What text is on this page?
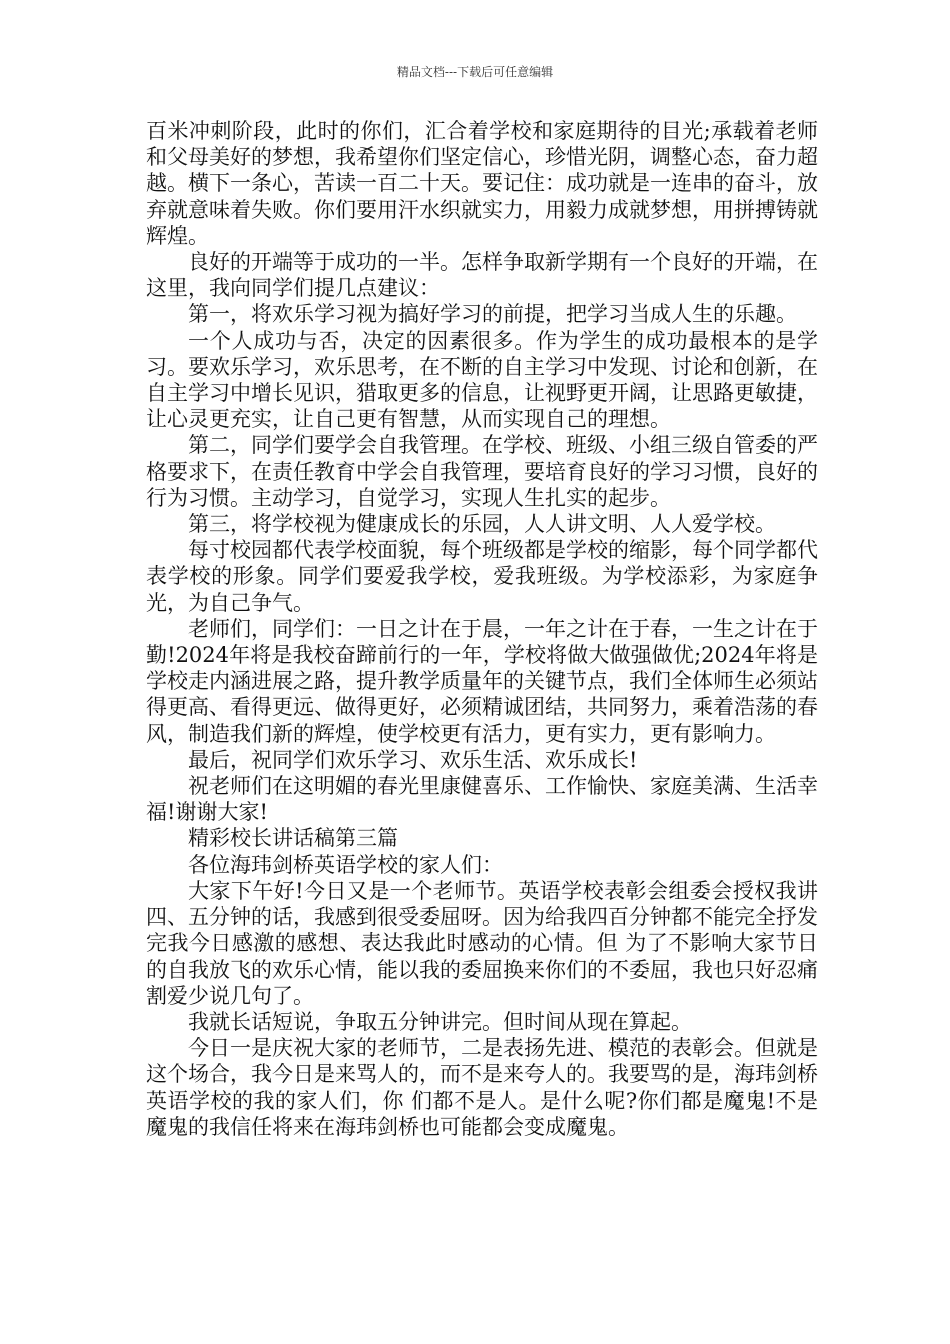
精品文档---下载后可任意编辑

百米冲刺阶段，此时的你们，汇合着学校和家庭期待的目光;承载着老师和父母美好的梦想，我希望你们坚定信心，珍惜光阴，调整心态，奋力超越。横下一条心，苦读一百二十天。要记住：成功就是一连串的奋斗，放弃就意味着失败。你们要用汗水织就实力，用毅力成就梦想，用拼搏铸就辉煌。

良好的开端等于成功的一半。怎样争取新学期有一个良好的开端，在这里，我向同学们提几点建议：

第一，将欢乐学习视为搞好学习的前提，把学习当成人生的乐趣。

一个人成功与否，决定的因素很多。作为学生的成功最根本的是学习。要欢乐学习，欢乐思考，在不断的自主学习中发现、讨论和创新，在自主学习中增长见识，猎取更多的信息，让视野更开阔，让思路更敏捷，让心灵更充实，让自己更有智慧，从而实现自己的理想。

第二，同学们要学会自我管理。在学校、班级、小组三级自管委的严格要求下，在责任教育中学会自我管理，要培育良好的学习习惯，良好的行为习惯。主动学习，自觉学习，实现人生扎实的起步。

第三，将学校视为健康成长的乐园，人人讲文明、人人爱学校。

每寸校园都代表学校面貌，每个班级都是学校的缩影，每个同学都代表学校的形象。同学们要爱我学校，爱我班级。为学校添彩，为家庭争光，为自己争气。

老师们，同学们：一日之计在于晨，一年之计在于春，一生之计在于勤!2024年将是我校奋蹄前行的一年，学校将做大做强做优;2024年将是学校走内涵进展之路，提升教学质量年的关键节点，我们全体师生必须站得更高、看得更远、做得更好，必须精诚团结，共同努力，乘着浩荡的春风，制造我们新的辉煌，使学校更有活力，更有实力，更有影响力。

最后，祝同学们欢乐学习、欢乐生活、欢乐成长!

祝老师们在这明媚的春光里康健喜乐、工作愉快、家庭美满、生活幸福!谢谢大家!

精彩校长讲话稿第三篇

各位海玮剑桥英语学校的家人们：

大家下午好!今日又是一个老师节。英语学校表彰会组委会授权我讲四、五分钟的话，我感到很受委屈呀。因为给我四百分钟都不能完全抒发完我今日感激的感想、表达我此时感动的心情。但 为了不影响大家节日的自我放飞的欢乐心情，能以我的委屈换来你们的不委屈，我也只好忍痛割爱少说几句了。

我就长话短说，争取五分钟讲完。但时间从现在算起。

今日一是庆祝大家的老师节，二是表扬先进、模范的表彰会。但就是这个场合，我今日是来骂人的，而不是来夸人的。我要骂的是，海玮剑桥英语学校的我的家人们，你 们都不是人。是什么呢?你们都是魔鬼!不是魔鬼的我信任将来在海玮剑桥也可能都会变成魔鬼。
